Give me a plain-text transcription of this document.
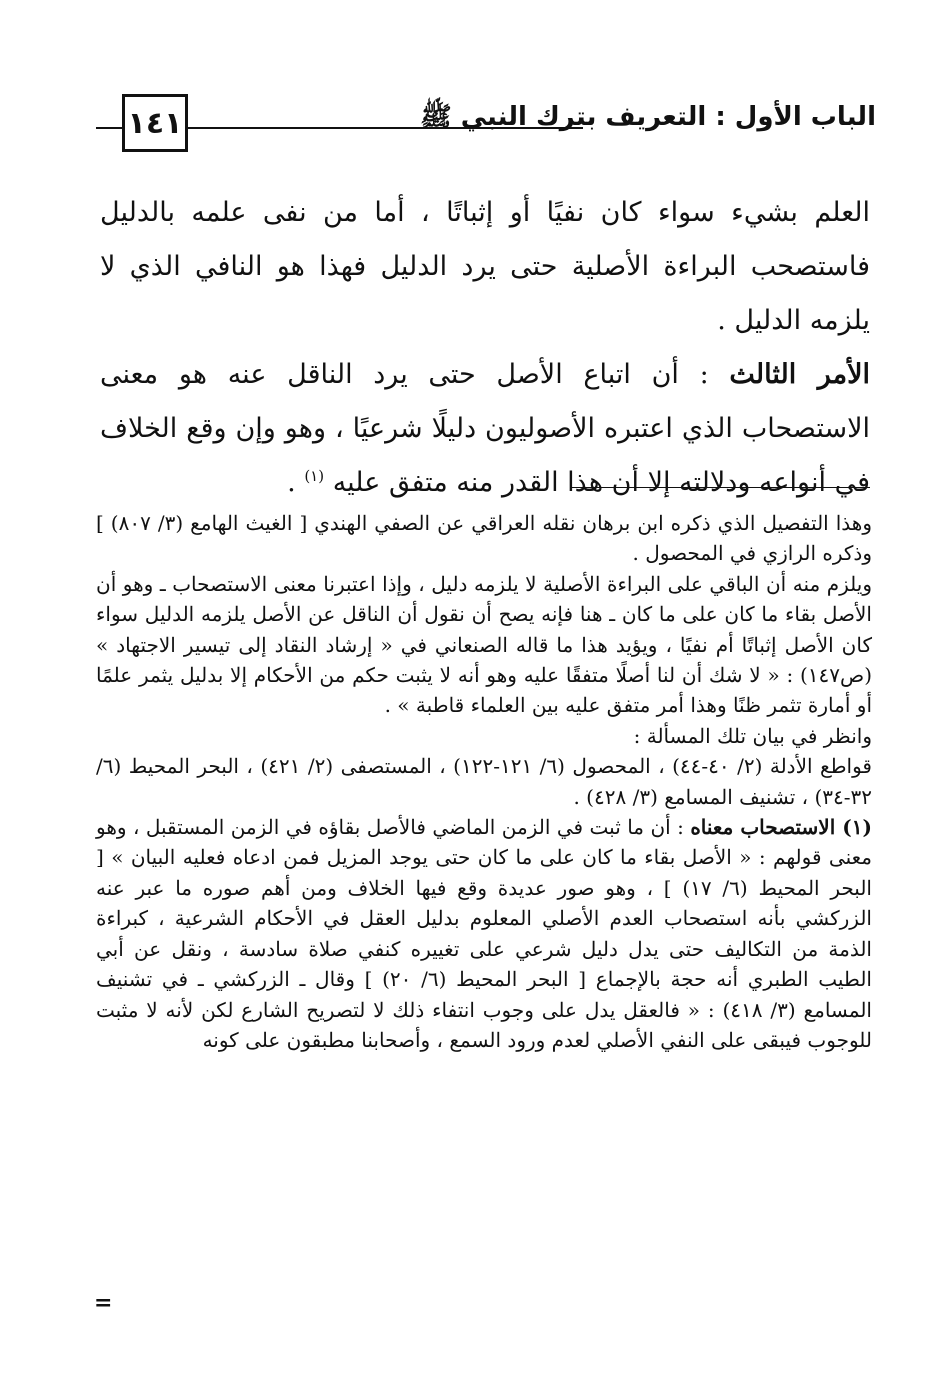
١٤١	الباب الأول : التعريف بترك النبي ﷺ

العلم بشيء سواء كان نفيًا أو إثباتًا ، أما من نفى علمه بالدليل فاستصحب البراءة الأصلية حتى يرد الدليل فهذا هو النافي الذي لا يلزمه الدليل .

الأمر الثالث : أن اتباع الأصل حتى يرد الناقل عنه هو معنى الاستصحاب الذي اعتبره الأصوليون دليلًا شرعيًا ، وهو وإن وقع الخلاف في أنواعه ودلالته إلا أن هذا القدر منه متفق عليه $^{(١)}$ .

وهذا التفصيل الذي ذكره ابن برهان نقله العراقي عن الصفي الهندي [ الغيث الهامع (٣/ ٨٠٧) ] وذكره الرازي في المحصول .

ويلزم منه أن الباقي على البراءة الأصلية لا يلزمه دليل ، وإذا اعتبرنا معنى الاستصحاب ـ وهو أن الأصل بقاء ما كان على ما كان ـ هنا فإنه يصح أن نقول أن الناقل عن الأصل يلزمه الدليل سواء كان الأصل إثباتًا أم نفيًا ، ويؤيد هذا ما قاله الصنعاني في « إرشاد النقاد إلى تيسير الاجتهاد » (ص١٤٧) : « لا شك أن لنا أصلًا متفقًا عليه وهو أنه لا يثبت حكم من الأحكام إلا بدليل يثمر علمًا أو أمارة تثمر ظنًا وهذا أمر متفق عليه بين العلماء قاطبة » .

وانظر في بيان تلك المسألة :

قواطع الأدلة (٢/ ٤٠-٤٤) ، المحصول (٦/ ١٢١-١٢٢) ، المستصفى (٢/ ٤٢١) ، البحر المحيط (٦/ ٣٢-٣٤) ، تشنيف المسامع (٣/ ٤٢٨) .

(١) الاستصحاب معناه : أن ما ثبت في الزمن الماضي فالأصل بقاؤه في الزمن المستقبل ، وهو معنى قولهم : « الأصل بقاء ما كان على ما كان حتى يوجد المزيل فمن ادعاه فعليه البيان » [ البحر المحيط (٦/ ١٧) ] ، وهو صور عديدة وقع فيها الخلاف ومن أهم صوره ما عبر عنه الزركشي بأنه استصحاب العدم الأصلي المعلوم بدليل العقل في الأحكام الشرعية ، كبراءة الذمة من التكاليف حتى يدل دليل شرعي على تغييره كنفي صلاة سادسة ، ونقل عن أبي الطيب الطبري أنه حجة بالإجماع [ البحر المحيط (٦/ ٢٠) ] وقال ـ الزركشي ـ في تشنيف المسامع (٣/ ٤١٨) : « فالعقل يدل على وجوب انتفاء ذلك لا لتصريح الشارع لكن لأنه لا مثبت للوجوب فيبقى على النفي الأصلي لعدم ورود السمع ، وأصحابنا مطبقون على كونه

=
